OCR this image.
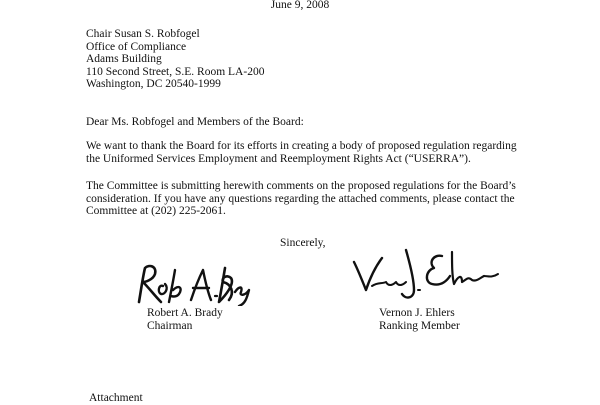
June 9, 2008
Chair Susan S. Robfogel
Office of Compliance
Adams Building
110 Second Street, S.E. Room LA-200
Washington, DC 20540-1999
Dear Ms. Robfogel and Members of the Board:
We want to thank the Board for its efforts in creating a body of proposed regulation regarding
the Uniformed Services Employment and Reemployment Rights Act (“USERRA”).
The Committee is submitting herewith comments on the proposed regulations for the Board’s
consideration. If you have any questions regarding the attached comments, please contact the
Committee at (202) 225-2061.
Sincerely,
Robert A. Brady
Chairman
Vernon J. Ehlers
Ranking Member
Attachment
